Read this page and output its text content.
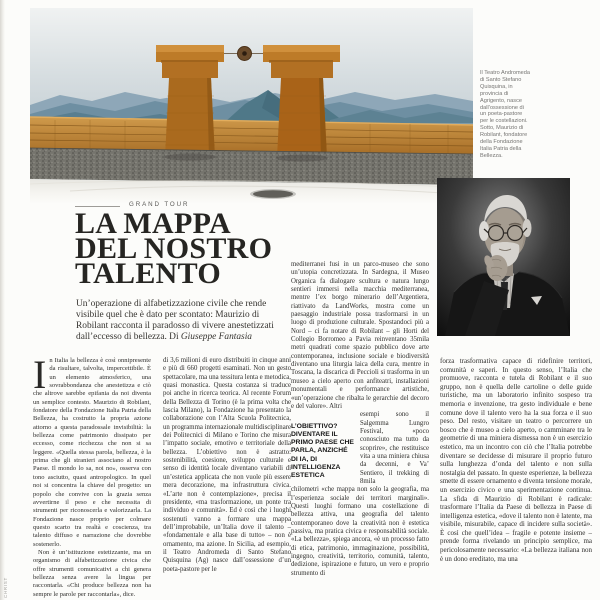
Il Teatro Andromeda di Santo Stefano Quisquina, in provincia di Agrigento, nasce dall’ossessione di un poeta-pastore per le costellazioni. Sotto, Maurizio di Robilant, fondatore della Fondazione Italia Patria della Bellezza.
GRAND TOUR
LA MAPPA
DEL NOSTRO
TALENTO

Un’operazione di alfabetizzazione civile che rende visibile quel che è dato per scontato: Maurizio di Robilant racconta il paradosso di vivere anestetizzati dall’eccesso di bellezza. Di Giuseppe Fantasia

In Italia la bellezza è così onnipresente da risultare, talvolta, impercettibile. È un elemento atmosferico, una sovrabbondanza che anestetizza e ciò che altrove sarebbe epifania da noi diventa un semplice contesto. Maurizio di Robilant, fondatore della Fondazione Italia Patria della Bellezza, ha costruito la propria azione attorno a questa paradossale invisibilità: la bellezza come patrimonio dissipato per eccesso, come ricchezza che non si sa leggere. «Quella stessa parola, bellezza, è la prima che gli stranieri associano al nostro Paese. Il mondo lo sa, noi no», osserva con tono asciutto, quasi antropologico. In quel noi si concentra la chiave del progetto: un popolo che convive con la grazia senza avvertirne il peso e che necessita di strumenti per riconoscerla e valorizzarla. La Fondazione nasce proprio per colmare questo scarto tra realtà e coscienza, tra talento diffuso e narrazione che dovrebbe sostenerlo.

Non è un’istituzione estetizzante, ma un organismo di alfabetizzazione civica che offre strumenti comunicativi a chi genera bellezza senza avere la lingua per raccontarla. «Chi produce bellezza non ha sempre le parole per raccontarla», dice.

di 3,6 milioni di euro distribuiti in cinque anni e più di 660 progetti esaminati. Non un gesto spettacolare, ma una tessitura lenta e metodica, quasi monastica. Questa costanza si traduce poi anche in ricerca teorica. Al recente Forum della Bellezza di Torino (è la prima volta che lascia Milano), la Fondazione ha presentato la collaborazione con l’Alta Scuola Politecnica, un programma internazionale multidisciplinare dei Politecnici di Milano e Torino che misura l’impatto sociale, emotivo e territoriale della bellezza. L’obiettivo non è astratto: sostenibilità, coesione, sviluppo culturale e senso di identità locale diventano variabili di un’estetica applicata che non vuole più essere mera decorazione, ma infrastruttura civica. «L’arte non è contemplazione», precisa il presidente, «ma trasformazione, un ponte tra individuo e comunità». Ed è così che i luoghi sostenuti vanno a formare una mappa dell’improbabile, un’Italia dove il talento – «fondamentale e alla base di tutto» – non è ornamento, ma azione. In Sicilia, ad esempio, il Teatro Andromeda di Santo Stefano Quisquina (Ag) nasce dall’ossessione d’un poeta-pastore per le

mediterranei fusi in un parco-museo che sono un’utopia concretizzata. In Sardegna, il Museo Organica fa dialogare scultura e natura lungo sentieri immersi nella macchia mediterranea, mentre l’ex borgo minerario dell’Argentiera, riattivato da LandWorks, mostra come un paesaggio industriale possa trasformarsi in un luogo di produzione culturale. Spostandoci più a Nord – ci fa notare di Robilant – gli Horti del Collegio Borromeo a Pavia reinventano 35mila metri quadrati come spazio pubblico dove arte contemporanea, inclusione sociale e biodiversità diventano una liturgia laica della cura, mentre in Toscana, la discarica di Peccioli si trasforma in un museo a cielo aperto con anfiteatri, installazioni monumentali e performance artistiche, «un’operazione che ribalta le gerarchie del decoro e del valore». Altri

L’OBIETTIVO? DIVENTARE IL PRIMO PAESE CHE PARLA, ANZICHÉ DI IA, DI INTELLIGENZA ESTETICA

esempi sono il Salgemma Lungro Festival, «poco conosciuto ma tutto da scoprire», che restituisce vita a una miniera chiusa da decenni, e Va’ Sentiero, il trekking di 8mila

chilometri «che mappa non solo la geografia, ma l’esperienza sociale dei territori marginali». Questi luoghi formano una costellazione di bellezza attiva, una geografia del talento contemporaneo dove la creatività non è estetica passiva, ma pratica civica e responsabilità sociale. «La bellezza», spiega ancora, «è un processo fatto di etica, patrimonio, immaginazione, possibilità, ingegno, creatività, territorio, comunità, talento, dedizione, ispirazione e futuro, un vero e proprio strumento di

forza trasformativa capace di ridefinire territori, comunità e saperi. In questo senso, l’Italia che promuove, racconta e tutela di Robilant e il suo gruppo, non è quella delle cartoline o delle guide turistiche, ma un laboratorio infinito sospeso tra memoria e invenzione, tra gesto individuale e bene comune dove il talento vero ha la sua forza e il suo peso. Del resto, visitare un teatro o percorrere un bosco che è museo a cielo aperto, o camminare tra le geometrie di una miniera dismessa non è un esercizio estetico, ma un incontro con ciò che l’Italia potrebbe diventare se decidesse di misurare il proprio futuro sulla lunghezza d’onda del talento e non sulla nostalgia del passato. In queste esperienze, la bellezza smette di essere ornamento e diventa tensione morale, un esercizio civico e una sperimentazione continua. La sfida di Maurizio di Robilant è radicale: trasformare l’Italia da Paese di bellezza in Paese di intelligenza estetica, «dove il talento non è latente, ma visibile, misurabile, capace di incidere sulla società». È così che quell’idea – fragile e potente insieme – prende forma rivelando un principio semplice, ma pericolosamente necessario: «La bellezza italiana non è un dono ereditato, ma una

CHRIST
